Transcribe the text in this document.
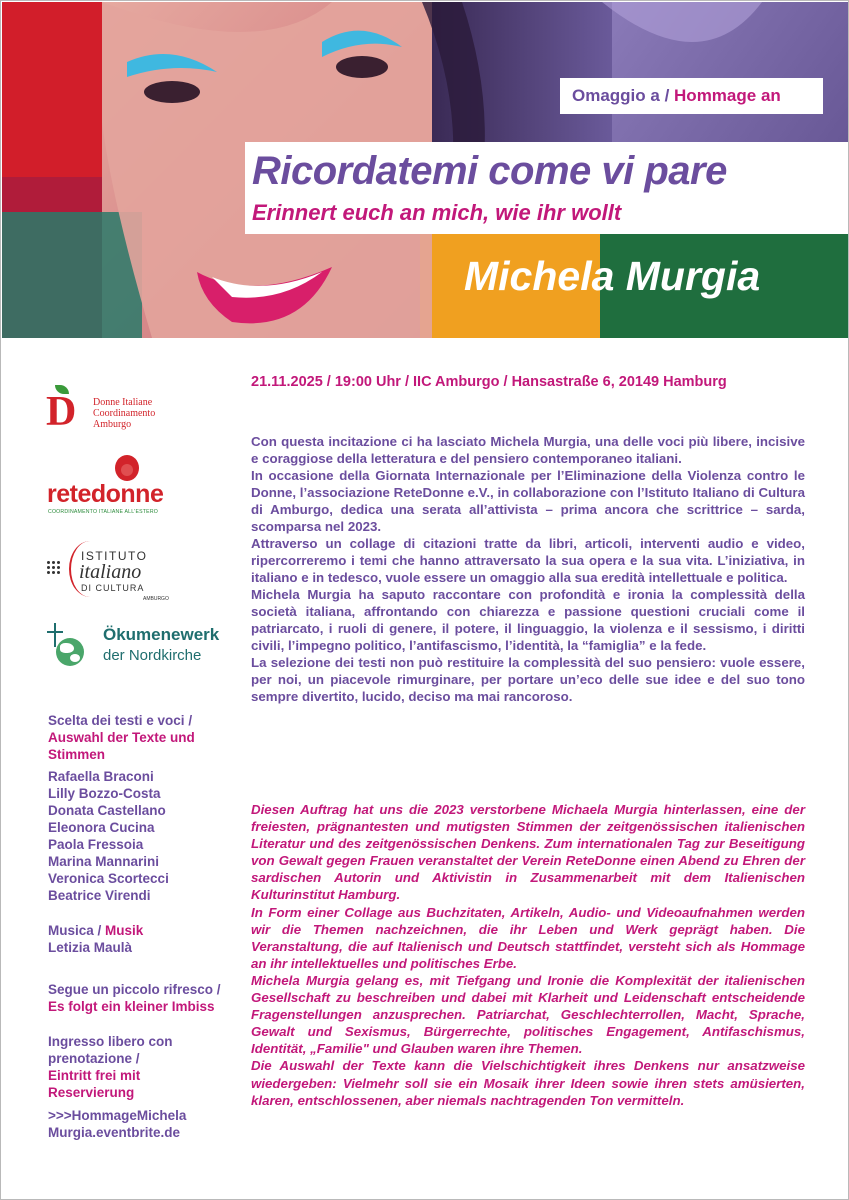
Omaggio a / Hommage an
Ricordatemi come vi pare
Erinnert euch an mich, wie ihr wollt
Michela Murgia
D Donne Italiane
Coordinamento
Amburgo
retedonne
COORDINAMENTO ITALIANE ALL'ESTERO
ISTITUTO
italiano
DI CULTURA
AMBURGO
Ökumenewerk
der Nordkirche
Scelta dei testi e voci /
Auswahl der Texte und
Stimmen
Rafaella Braconi
Lilly Bozzo-Costa
Donata Castellano
Eleonora Cucina
Paola Fressoia
Marina Mannarini
Veronica Scortecci
Beatrice Virendi
Musica / Musik
Letizia Maulà
Segue un piccolo rifresco /
Es folgt ein kleiner Imbiss
Ingresso libero con
prenotazione /
Eintritt frei mit
Reservierung
>>>HommageMichela
Murgia.eventbrite.de
21.11.2025 / 19:00 Uhr / IIC Amburgo / Hansastraße 6, 20149 Hamburg

Con questa incitazione ci ha lasciato Michela Murgia, una delle voci più libere, incisive e coraggiose della letteratura e del pensiero contemporaneo italiani.

In occasione della Giornata Internazionale per l’Eliminazione della Violenza contro le Donne, l’associazione ReteDonne e.V., in collaborazione con l’Istituto Italiano di Cultura di Amburgo, dedica una serata all’attivista – prima ancora che scrittrice – sarda, scomparsa nel 2023.

Attraverso un collage di citazioni tratte da libri, articoli, interventi audio e video, ripercorreremo i temi che hanno attraversato la sua opera e la sua vita. L’iniziativa, in italiano e in tedesco, vuole essere un omaggio alla sua eredità intellettuale e politica.

Michela Murgia ha saputo raccontare con profondità e ironia la complessità della società italiana, affrontando con chiarezza e passione questioni cruciali come il patriarcato, i ruoli di genere, il potere, il linguaggio, la violenza e il sessismo, i diritti civili, l’impegno politico, l’antifascismo, l’identità, la “famiglia” e la fede.

La selezione dei testi non può restituire la complessità del suo pensiero: vuole essere, per noi, un piacevole rimurginare, per portare un’eco delle sue idee e del suo tono sempre divertito, lucido, deciso ma mai rancoroso.

Diesen Auftrag hat uns die 2023 verstorbene Michaela Murgia hinterlassen, eine der freiesten, prägnantesten und mutigsten Stimmen der zeitgenössischen italienischen Literatur und des zeitgenössischen Denkens. Zum internationalen Tag zur Beseitigung von Gewalt gegen Frauen veranstaltet der Verein ReteDonne einen Abend zu Ehren der sardischen Autorin und Aktivistin in Zusammenarbeit mit dem Italienischen Kulturinstitut Hamburg.

In Form einer Collage aus Buchzitaten, Artikeln, Audio- und Videoaufnahmen werden wir die Themen nachzeichnen, die ihr Leben und Werk geprägt haben. Die Veranstaltung, die auf Italienisch und Deutsch stattfindet, versteht sich als Hommage an ihr intellektuelles und politisches Erbe.

Michela Murgia gelang es, mit Tiefgang und Ironie die Komplexität der italienischen Gesellschaft zu beschreiben und dabei mit Klarheit und Leidenschaft entscheidende Fragenstellungen anzusprechen. Patriarchat, Geschlechterrollen, Macht, Sprache, Gewalt und Sexismus, Bürgerrechte, politisches Engagement, Antifaschismus, Identität, „Familie" und Glauben waren ihre Themen.

Die Auswahl der Texte kann die Vielschichtigkeit ihres Denkens nur ansatzweise wiedergeben: Vielmehr soll sie ein Mosaik ihrer Ideen sowie ihren stets amüsierten, klaren, entschlossenen, aber niemals nachtragenden Ton vermitteln.
